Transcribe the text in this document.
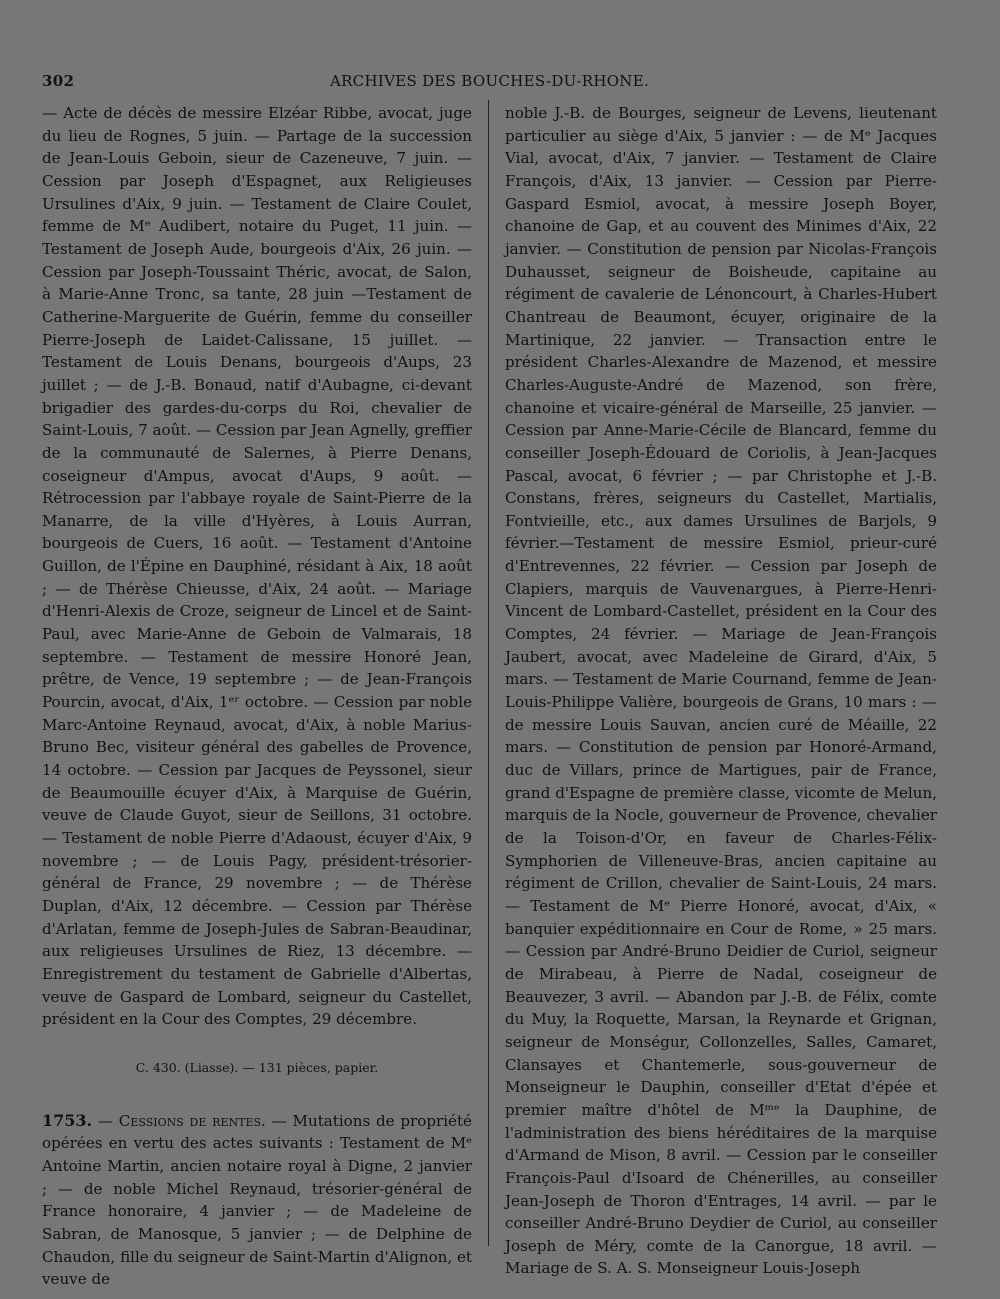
302	ARCHIVES DES BOUCHES-DU-RHONE.

— Acte de décès de messire Elzéar Ribbe, avocat, juge du lieu de Rognes, 5 juin. — Partage de la succession de Jean-Louis Geboin, sieur de Cazeneuve, 7 juin. — Cession par Joseph d'Espagnet, aux Religieuses Ursulines d'Aix, 9 juin. — Testament de Claire Coulet, femme de Mᵉ Audibert, notaire du Puget, 11 juin. — Testament de Joseph Aude, bourgeois d'Aix, 26 juin. — Cession par Joseph-Toussaint Théric, avocat, de Salon, à Marie-Anne Tronc, sa tante, 28 juin —Testament de Catherine-Marguerite de Guérin, femme du conseiller Pierre-Joseph de Laidet-Calissane, 15 juillet. — Testament de Louis Denans, bourgeois d'Aups, 23 juillet ; — de J.-B. Bonaud, natif d'Aubagne, ci-devant brigadier des gardes-du-corps du Roi, chevalier de Saint-Louis, 7 août. — Cession par Jean Agnelly, greffier de la communauté de Salernes, à Pierre Denans, coseigneur d'Ampus, avocat d'Aups, 9 août. — Rétrocession par l'abbaye royale de Saint-Pierre de la Manarre, de la ville d'Hyères, à Louis Aurran, bourgeois de Cuers, 16 août. — Testament d'Antoine Guillon, de l'Épine en Dauphiné, résidant à Aix, 18 août ; — de Thérèse Chieusse, d'Aix, 24 août. — Mariage d'Henri-Alexis de Croze, seigneur de Lincel et de Saint-Paul, avec Marie-Anne de Geboin de Valmarais, 18 septembre. — Testament de messire Honoré Jean, prêtre, de Vence, 19 septembre ; — de Jean-François Pourcin, avocat, d'Aix, 1ᵉʳ octobre. — Cession par noble Marc-Antoine Reynaud, avocat, d'Aix, à noble Marius-Bruno Bec, visiteur général des gabelles de Provence, 14 octobre. — Cession par Jacques de Peyssonel, sieur de Beaumouille écuyer d'Aix, à Marquise de Guérin, veuve de Claude Guyot, sieur de Seillons, 31 octobre. — Testament de noble Pierre d'Adaoust, écuyer d'Aix, 9 novembre ; — de Louis Pagy, président-trésorier-général de France, 29 novembre ; — de Thérèse Duplan, d'Aix, 12 décembre. — Cession par Thérèse d'Arlatan, femme de Joseph-Jules de Sabran-Beaudinar, aux religieuses Ursulines de Riez, 13 décembre. — Enregistrement du testament de Gabrielle d'Albertas, veuve de Gaspard de Lombard, seigneur du Castellet, président en la Cour des Comptes, 29 décembre.

C. 430. (Liasse). — 131 pièces, papier.

1753. — Cessions de rentes. — Mutations de propriété opérées en vertu des actes suivants : Testament de Mᵉ Antoine Martin, ancien notaire royal à Digne, 2 janvier ; — de noble Michel Reynaud, trésorier-général de France honoraire, 4 janvier ; — de Madeleine de Sabran, de Manosque, 5 janvier ; — de Delphine de Chaudon, fille du seigneur de Saint-Martin d'Alignon, et veuve de

noble J.-B. de Bourges, seigneur de Levens, lieutenant particulier au siège d'Aix, 5 janvier : — de Mᵉ Jacques Vial, avocat, d'Aix, 7 janvier. — Testament de Claire François, d'Aix, 13 janvier. — Cession par Pierre-Gaspard Esmiol, avocat, à messire Joseph Boyer, chanoine de Gap, et au couvent des Minimes d'Aix, 22 janvier. — Constitution de pension par Nicolas-François Duhausset, seigneur de Boisheude, capitaine au régiment de cavalerie de Lénoncourt, à Charles-Hubert Chantreau de Beaumont, écuyer, originaire de la Martinique, 22 janvier. — Transaction entre le président Charles-Alexandre de Mazenod, et messire Charles-Auguste-André de Mazenod, son frère, chanoine et vicaire-général de Marseille, 25 janvier. — Cession par Anne-Marie-Cécile de Blancard, femme du conseiller Joseph-Édouard de Coriolis, à Jean-Jacques Pascal, avocat, 6 février ; — par Christophe et J.-B. Constans, frères, seigneurs du Castellet, Martialis, Fontvieille, etc., aux dames Ursulines de Barjols, 9 février.—Testament de messire Esmiol, prieur-curé d'Entrevennes, 22 février. — Cession par Joseph de Clapiers, marquis de Vauvenargues, à Pierre-Henri-Vincent de Lombard-Castellet, président en la Cour des Comptes, 24 février. — Mariage de Jean-François Jaubert, avocat, avec Madeleine de Girard, d'Aix, 5 mars. — Testament de Marie Cournand, femme de Jean-Louis-Philippe Valière, bourgeois de Grans, 10 mars : — de messire Louis Sauvan, ancien curé de Méaille, 22 mars. — Constitution de pension par Honoré-Armand, duc de Villars, prince de Martigues, pair de France, grand d'Espagne de première classe, vicomte de Melun, marquis de la Nocle, gouverneur de Provence, chevalier de la Toison-d'Or, en faveur de Charles-Félix-Symphorien de Villeneuve-Bras, ancien capitaine au régiment de Crillon, chevalier de Saint-Louis, 24 mars. — Testament de Mᵉ Pierre Honoré, avocat, d'Aix, « banquier expéditionnaire en Cour de Rome, » 25 mars. — Cession par André-Bruno Deidier de Curiol, seigneur de Mirabeau, à Pierre de Nadal, coseigneur de Beauvezer, 3 avril. — Abandon par J.-B. de Félix, comte du Muy, la Roquette, Marsan, la Reynarde et Grignan, seigneur de Monségur, Collonzelles, Salles, Camaret, Clansayes et Chantemerle, sous-gouverneur de Monseigneur le Dauphin, conseiller d'Etat d'épée et premier maître d'hôtel de Mᵐᵉ la Dauphine, de l'administration des biens héréditaires de la marquise d'Armand de Mison, 8 avril. — Cession par le conseiller François-Paul d'Isoard de Chénerilles, au conseiller Jean-Joseph de Thoron d'Entrages, 14 avril. — par le conseiller André-Bruno Deydier de Curiol, au conseiller Joseph de Méry, comte de la Canorgue, 18 avril. — Mariage de S. A. S. Monseigneur Louis-Joseph
